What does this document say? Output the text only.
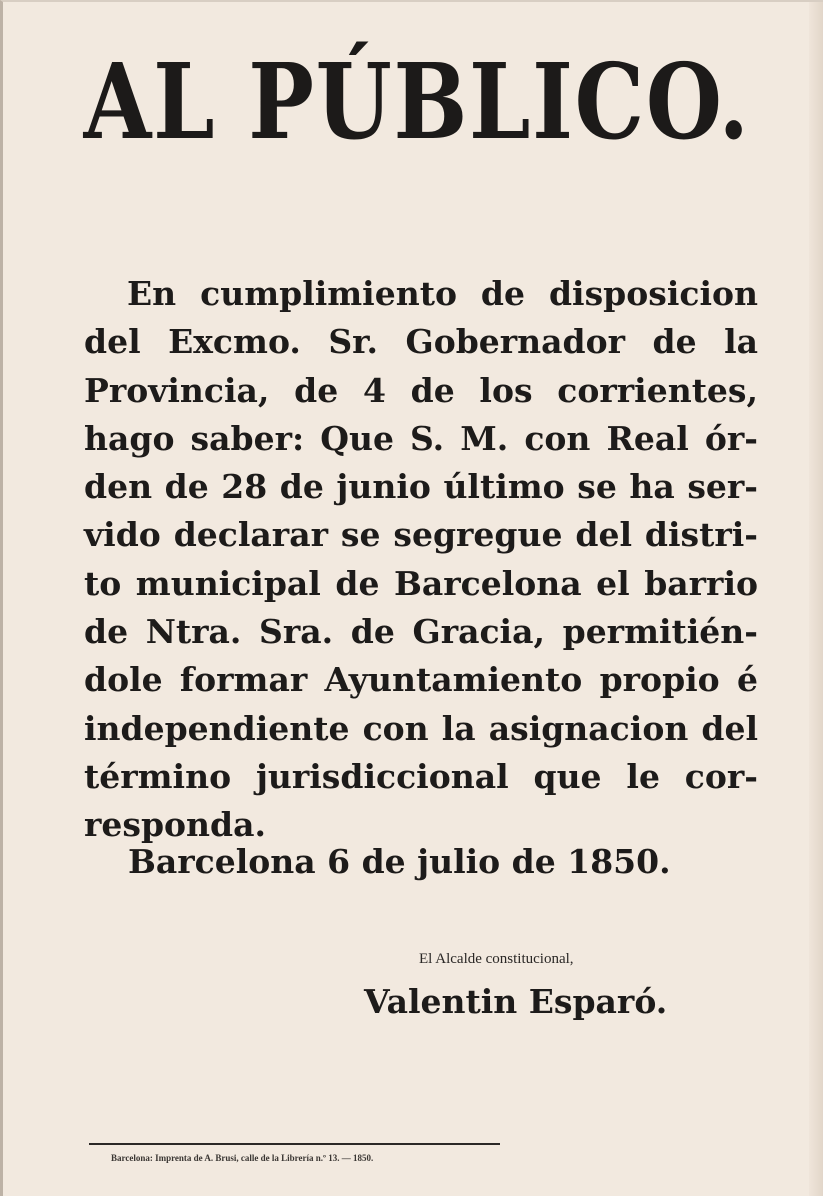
AL PÚBLICO.
En cumplimiento de disposicion
del Excmo. Sr. Gobernador de la
Provincia, de 4 de los corrientes,
hago saber: Que S. M. con Real ór-
den de 28 de junio último se ha ser-
vido declarar se segregue del distri-
to municipal de Barcelona el barrio
de Ntra. Sra. de Gracia, permitién-
dole formar Ayuntamiento propio é
independiente con la asignacion del
término jurisdiccional que le cor-
responda.
Barcelona 6 de julio de 1850.
El Alcalde constitucional,
Valentin Esparó.
Barcelona: Imprenta de A. Brusi, calle de la Librería n.º 13. — 1850.
